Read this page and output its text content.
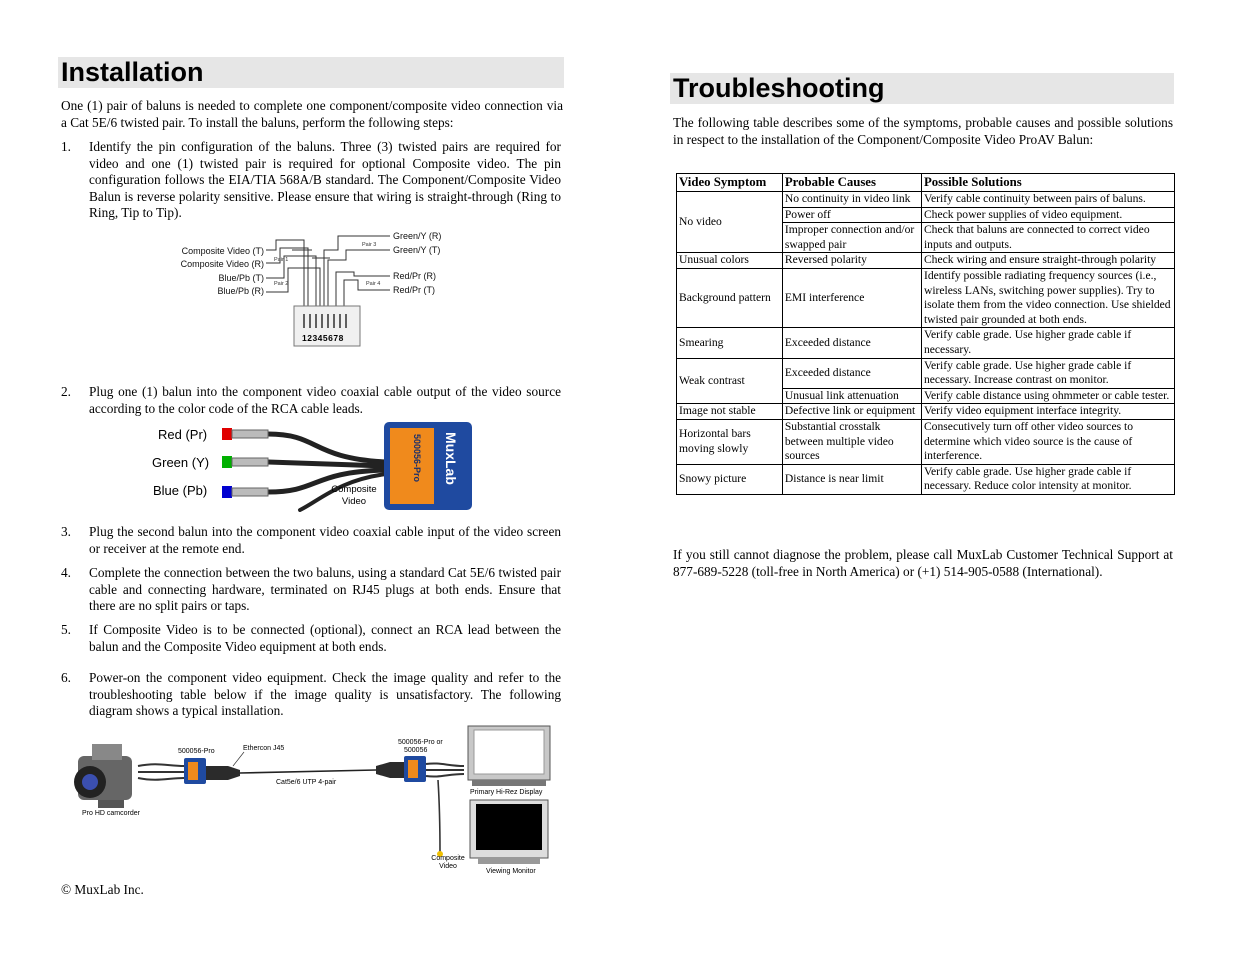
Installation
One (1) pair of baluns is needed to complete one component/composite video connection via a Cat 5E/6 twisted pair. To install the baluns, perform the following steps:
1. Identify the pin configuration of the baluns. Three (3) twisted pairs are required for video and one (1) twisted pair is required for optional Composite video. The pin configuration follows the EIA/TIA 568A/B standard. The Component/Composite Video Balun is reverse polarity sensitive. Please ensure that wiring is straight-through (Ring to Ring, Tip to Tip).
12345678
Composite Video (T)
Composite Video (R)
Blue/Pb (T)
Blue/Pb (R)
Green/Y (R)
Green/Y (T)
Red/Pr (R)
Red/Pr (T)
Pair 1
Pair 2
Pair 3
Pair 4
2. Plug one (1) balun into the component video coaxial cable output of the video source according to the color code of the RCA cable leads.
Red (Pr)
Green (Y)
Blue (Pb)	Composite
Video
MuxLab
500056-Pro
3. Plug the second balun into the component video coaxial cable input of the video screen or receiver at the remote end.
4. Complete the connection between the two baluns, using a standard Cat 5E/6 twisted pair cable and connecting hardware, terminated on RJ45 plugs at both ends. Ensure that there are no split pairs or taps.
5. If Composite Video is to be connected (optional), connect an RCA lead between the balun and the Composite Video equipment at both ends.
6. Power-on the component video equipment. Check the image quality and refer to the troubleshooting table below if the image quality is unsatisfactory. The following diagram shows a typical installation.
Pro HD camcorder
500056-Pro	Ethercon J45
Cat5e/6 UTP 4-pair
500056-Pro or
500056
Composite
Video
Primary Hi-Rez Display
Viewing Monitor
© MuxLab Inc.
Troubleshooting
The following table describes some of the symptoms, probable causes and possible solutions in respect to the installation of the Component/Composite Video ProAV Balun:
Video Symptom	Probable Causes	Possible Solutions
No video	No continuity in video link	Verify cable continuity between pairs of baluns.
	Power off	Check power supplies of video equipment.
	Improper connection and/or swapped pair	Check that baluns are connected to correct video inputs and outputs.
Unusual colors	Reversed polarity	Check wiring and ensure straight-through polarity
Background pattern	EMI interference	Identify possible radiating frequency sources (i.e., wireless LANs, switching power supplies). Try to isolate them from the video connection. Use shielded twisted pair grounded at both ends.
Smearing	Exceeded distance	Verify cable grade. Use higher grade cable if necessary.
Weak contrast	Exceeded distance	Verify cable grade. Use higher grade cable if necessary. Increase contrast on monitor.
	Unusual link attenuation	Verify cable distance using ohmmeter or cable tester.
Image not stable	Defective link or equipment	Verify video equipment interface integrity.
Horizontal bars moving slowly	Substantial crosstalk between multiple video sources	Consecutively turn off other video sources to determine which video source is the cause of interference.
Snowy picture	Distance is near limit	Verify cable grade. Use higher grade cable if necessary. Reduce color intensity at monitor.
If you still cannot diagnose the problem, please call MuxLab Customer Technical Support at 877-689-5228 (toll-free in North America) or (+1) 514-905-0588 (International).
